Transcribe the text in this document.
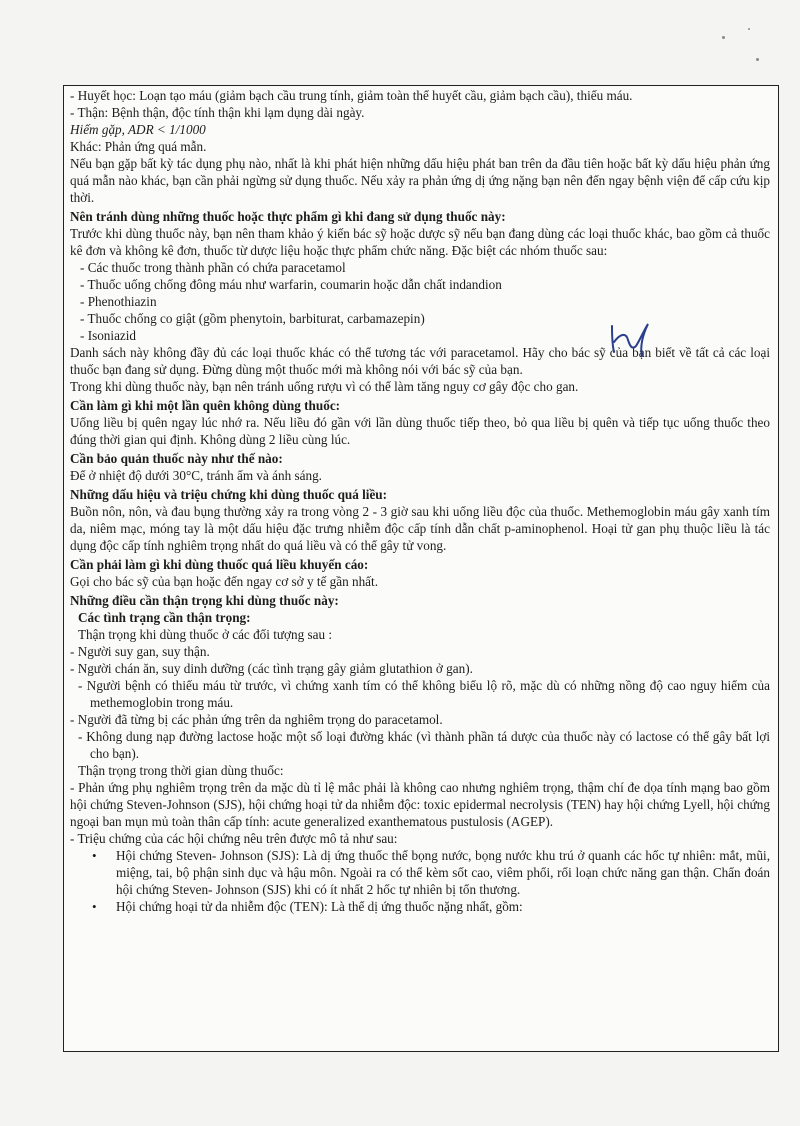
- Huyết học: Loạn tạo máu (giảm bạch cầu trung tính, giảm toàn thể huyết cầu, giảm bạch cầu), thiếu máu.

- Thận: Bệnh thận, độc tính thận khi lạm dụng dài ngày.

Hiếm gặp, ADR < 1/1000

Khác: Phản ứng quá mẫn.

Nếu bạn gặp bất kỳ tác dụng phụ nào, nhất là khi phát hiện những dấu hiệu phát ban trên da đầu tiên hoặc bất kỳ dấu hiệu phản ứng quá mẫn nào khác, bạn cần phải ngừng sử dụng thuốc. Nếu xảy ra phản ứng dị ứng nặng bạn nên đến ngay bệnh viện để cấp cứu kịp thời.

Nên tránh dùng những thuốc hoặc thực phẩm gì khi đang sử dụng thuốc này:

Trước khi dùng thuốc này, bạn nên tham khảo ý kiến bác sỹ hoặc dược sỹ nếu bạn đang dùng các loại thuốc khác, bao gồm cả thuốc kê đơn và không kê đơn, thuốc từ dược liệu hoặc thực phẩm chức năng. Đặc biệt các nhóm thuốc sau:

- Các thuốc trong thành phần có chứa paracetamol

- Thuốc uống chống đông máu như warfarin, coumarin hoặc dẫn chất indandion

- Phenothiazin

- Thuốc chống co giật (gồm phenytoin, barbiturat, carbamazepin)

- Isoniazid

Danh sách này không đầy đủ các loại thuốc khác có thể tương tác với paracetamol. Hãy cho bác sỹ của bạn biết về tất cả các loại thuốc bạn đang sử dụng. Đừng dùng một thuốc mới mà không nói với bác sỹ của bạn.

Trong khi dùng thuốc này, bạn nên tránh uống rượu vì có thể làm tăng nguy cơ gây độc cho gan.

Cần làm gì khi một lần quên không dùng thuốc:

Uống liều bị quên ngay lúc nhớ ra. Nếu liều đó gần với lần dùng thuốc tiếp theo, bỏ qua liều bị quên và tiếp tục uống thuốc theo đúng thời gian qui định. Không dùng 2 liều cùng lúc.

Cần bảo quản thuốc này như thế nào:

Để ở nhiệt độ dưới 30°C, tránh ẩm và ánh sáng.

Những dấu hiệu và triệu chứng khi dùng thuốc quá liều:

Buồn nôn, nôn, và đau bụng thường xảy ra trong vòng 2 - 3 giờ sau khi uống liều độc của thuốc. Methemoglobin máu gây xanh tím da, niêm mạc, móng tay là một dấu hiệu đặc trưng nhiễm độc cấp tính dẫn chất p-aminophenol. Hoại tử gan phụ thuộc liều là tác dụng độc cấp tính nghiêm trọng nhất do quá liều và có thể gây tử vong.

Cần phải làm gì khi dùng thuốc quá liều khuyến cáo:

Gọi cho bác sỹ của bạn hoặc đến ngay cơ sở y tế gần nhất.

Những điều cần thận trọng khi dùng thuốc này:

Các tình trạng cần thận trọng:

Thận trọng khi dùng thuốc ở các đối tượng sau :

- Người suy gan, suy thận.

- Người chán ăn, suy dinh dưỡng (các tình trạng gây giảm glutathion ở gan).

- Người bệnh có thiếu máu từ trước, vì chứng xanh tím có thể không biểu lộ rõ, mặc dù có những nồng độ cao nguy hiểm của methemoglobin trong máu.

- Người đã từng bị các phản ứng trên da nghiêm trọng do paracetamol.

- Không dung nạp đường lactose hoặc một số loại đường khác (vì thành phần tá dược của thuốc này có lactose có thể gây bất lợi cho bạn).

Thận trọng trong thời gian dùng thuốc:

- Phản ứng phụ nghiêm trọng trên da mặc dù tỉ lệ mắc phải là không cao nhưng nghiêm trọng, thậm chí đe dọa tính mạng bao gồm hội chứng Steven-Johnson (SJS), hội chứng hoại tử da nhiễm độc: toxic epidermal necrolysis (TEN) hay hội chứng Lyell, hội chứng ngoại ban mụn mủ toàn thân cấp tính: acute generalized exanthematous pustulosis (AGEP).

- Triệu chứng của các hội chứng nêu trên được mô tả như sau:

• Hội chứng Steven- Johnson (SJS): Là dị ứng thuốc thể bọng nước, bọng nước khu trú ở quanh các hốc tự nhiên: mắt, mũi, miệng, tai, bộ phận sinh dục và hậu môn. Ngoài ra có thể kèm sốt cao, viêm phổi, rối loạn chức năng gan thận. Chẩn đoán hội chứng Steven- Johnson (SJS) khi có ít nhất 2 hốc tự nhiên bị tổn thương.

• Hội chứng hoại tử da nhiễm độc (TEN): Là thể dị ứng thuốc nặng nhất, gồm:
